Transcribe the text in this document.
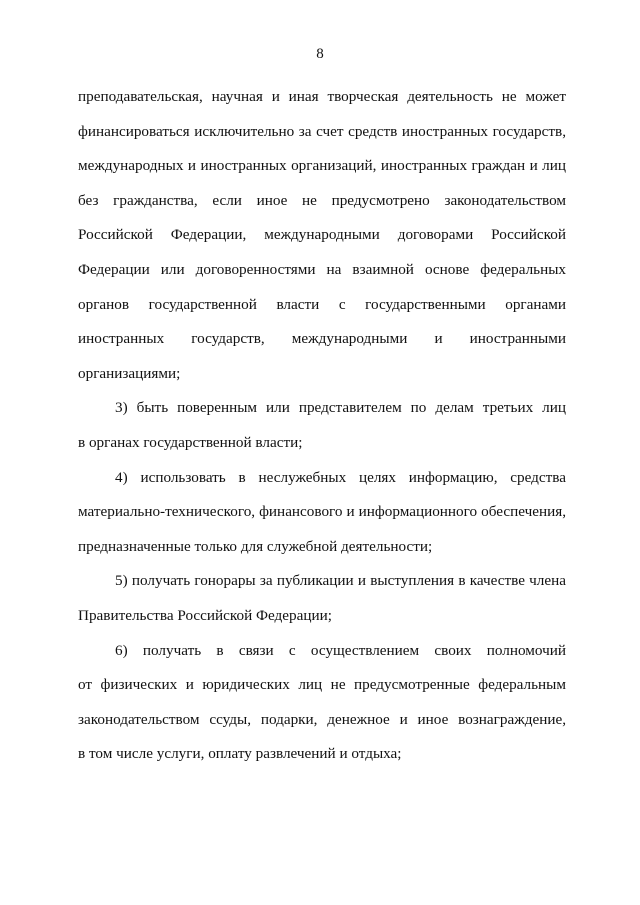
8
преподавательская, научная и иная творческая деятельность не может
финансироваться исключительно за счет средств иностранных государств,
международных и иностранных организаций, иностранных граждан и лиц
без гражданства, если иное не предусмотрено законодательством
Российской Федерации, международными договорами Российской
Федерации или договоренностями на взаимной основе федеральных
органов государственной власти с государственными органами
иностранных государств, международными и иностранными
организациями;
3) быть поверенным или представителем по делам третьих лиц
в органах государственной власти;
4) использовать в неслужебных целях информацию, средства
материально-технического, финансового и информационного обеспечения,
предназначенные только для служебной деятельности;
5) получать гонорары за публикации и выступления в качестве члена
Правительства Российской Федерации;
6) получать в связи с осуществлением своих полномочий
от физических и юридических лиц не предусмотренные федеральным
законодательством ссуды, подарки, денежное и иное вознаграждение,
в том числе услуги, оплату развлечений и отдыха;
